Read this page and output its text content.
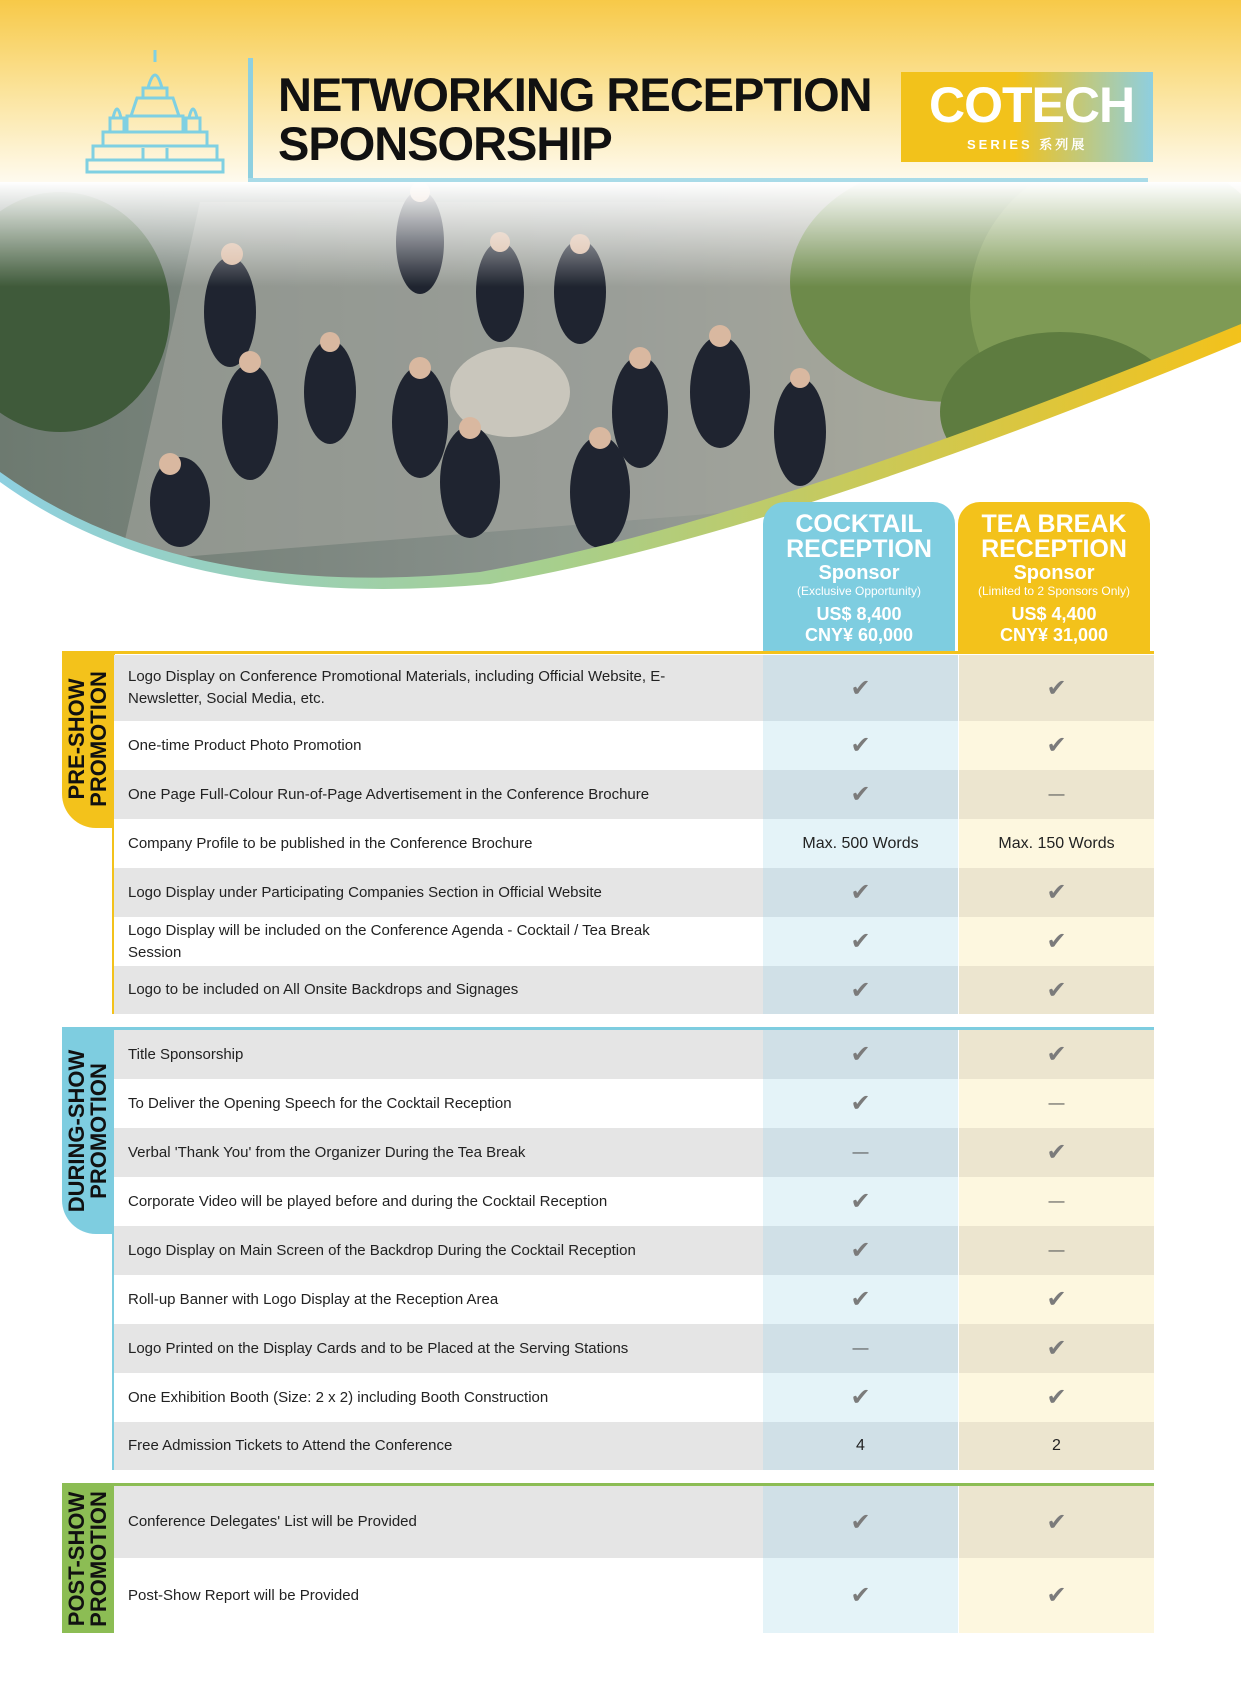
NETWORKING RECEPTION
SPONSORSHIP
COTECH
SERIES 系列展
COCKTAIL
RECEPTION
Sponsor
(Exclusive Opportunity)
US$ 8,400
CNY¥ 60,000
TEA BREAK
RECEPTION
Sponsor
(Limited to 2 Sponsors Only)
US$ 4,400
CNY¥ 31,000
PRE-SHOW
PROMOTION
DURING-SHOW
PROMOTION
POST-SHOW
PROMOTION
Logo Display on Conference Promotional Materials, including Official Website, E-Newsletter, Social Media, etc.	✔	✔
One-time Product Photo Promotion	✔	✔
One Page Full-Colour Run-of-Page Advertisement in the Conference Brochure	✔	—
Company Profile to be published in the Conference Brochure	Max. 500 Words	Max. 150 Words
Logo Display under Participating Companies Section in Official Website	✔	✔
Logo Display will be included on the Conference Agenda - Cocktail / Tea Break Session	✔	✔
Logo to be included on All Onsite Backdrops and Signages	✔	✔
Title Sponsorship	✔	✔
To Deliver the Opening Speech for the Cocktail Reception	✔	—
Verbal 'Thank You' from the Organizer During the Tea Break	—	✔
Corporate Video will be played before and during the Cocktail Reception	✔	—
Logo Display on Main Screen of the Backdrop During the Cocktail Reception	✔	—
Roll-up Banner with Logo Display at the Reception Area	✔	✔
Logo Printed on the Display Cards and to be Placed at the Serving Stations	—	✔
One Exhibition Booth (Size: 2 x 2) including Booth Construction	✔	✔
Free Admission Tickets to Attend the Conference	4	2
Conference Delegates' List will be Provided	✔	✔
Post-Show Report will be Provided	✔	✔
